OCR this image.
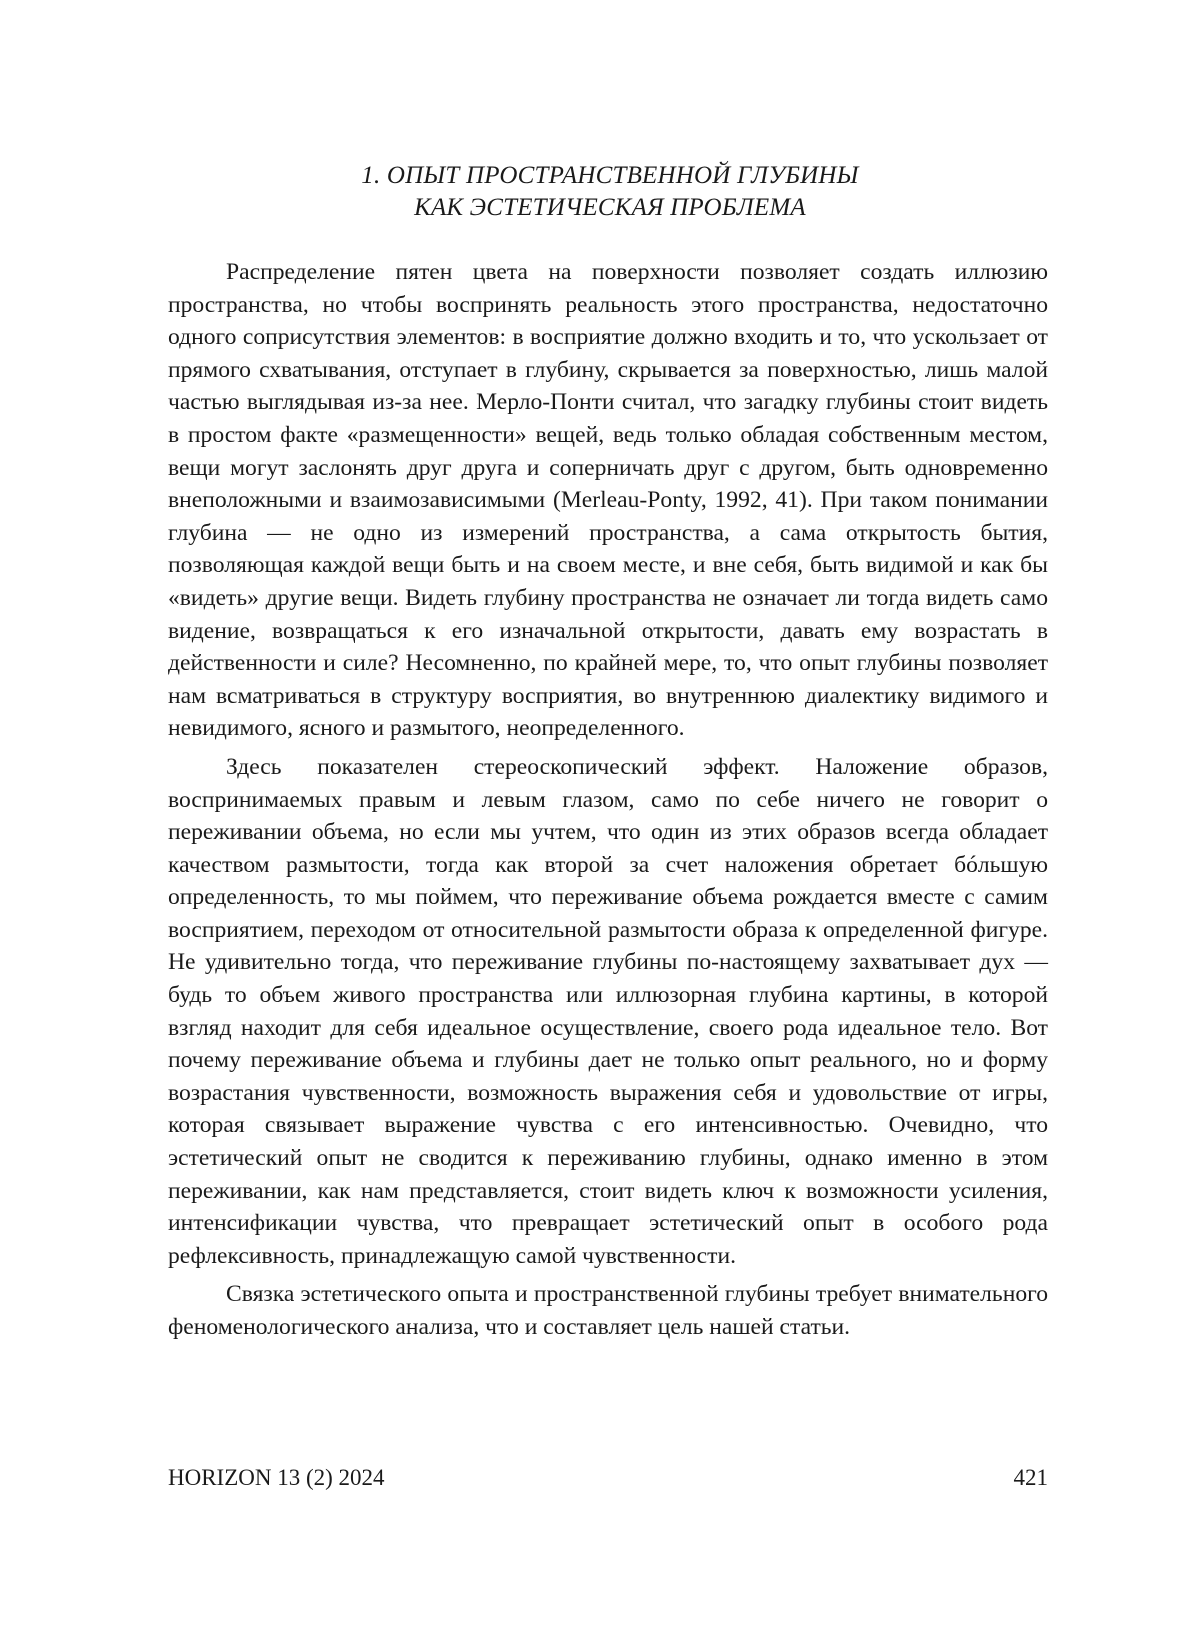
1. ОПЫТ ПРОСТРАНСТВЕННОЙ ГЛУБИНЫ
КАК ЭСТЕТИЧЕСКАЯ ПРОБЛЕМА

Распределение пятен цвета на поверхности позволяет создать иллюзию пространства, но чтобы воспринять реальность этого пространства, недостаточно одного соприсутствия элементов: в восприятие должно входить и то, что ускользает от прямого схватывания, отступает в глубину, скрывается за поверхностью, лишь малой частью выглядывая из-за нее. Мерло-Понти считал, что загадку глубины стоит видеть в простом факте «размещенности» вещей, ведь только обладая собственным местом, вещи могут заслонять друг друга и соперничать друг с другом, быть одновременно внеположными и взаимозависимыми (Merleau-Ponty, 1992, 41). При таком понимании глубина — не одно из измерений пространства, а сама открытость бытия, позволяющая каждой вещи быть и на своем месте, и вне себя, быть видимой и как бы «видеть» другие вещи. Видеть глубину пространства не означает ли тогда видеть само видение, возвращаться к его изначальной открытости, давать ему возрастать в действенности и силе? Несомненно, по крайней мере, то, что опыт глубины позволяет нам всматриваться в структуру восприятия, во внутреннюю диалектику видимого и невидимого, ясного и размытого, неопределенного.

Здесь показателен стереоскопический эффект. Наложение образов, воспринимаемых правым и левым глазом, само по себе ничего не говорит о переживании объема, но если мы учтем, что один из этих образов всегда обладает качеством размытости, тогда как второй за счет наложения обретает бóльшую определенность, то мы поймем, что переживание объема рождается вместе с самим восприятием, переходом от относительной размытости образа к определенной фигуре. Не удивительно тогда, что переживание глубины по-настоящему захватывает дух — будь то объем живого пространства или иллюзорная глубина картины, в которой взгляд находит для себя идеальное осуществление, своего рода идеальное тело. Вот почему переживание объема и глубины дает не только опыт реального, но и форму возрастания чувственности, возможность выражения себя и удовольствие от игры, которая связывает выражение чувства с его интенсивностью. Очевидно, что эстетический опыт не сводится к переживанию глубины, однако именно в этом переживании, как нам представляется, стоит видеть ключ к возможности усиления, интенсификации чувства, что превращает эстетический опыт в особого рода рефлексивность, принадлежащую самой чувственности.

Связка эстетического опыта и пространственной глубины требует внимательного феноменологического анализа, что и составляет цель нашей статьи.

HORIZON 13 (2) 2024	421
